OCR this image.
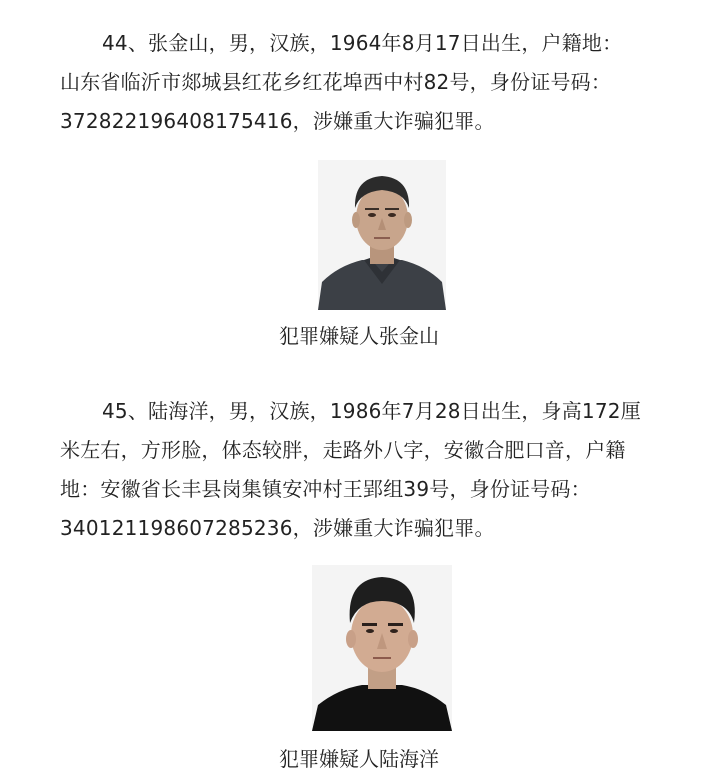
44、张金山，男，汉族，1964年8月17日出生，户籍地：
山东省临沂市郯城县红花乡红花埠西中村82号，身份证号码：
372822196408175416，涉嫌重大诈骗犯罪。
犯罪嫌疑人张金山
45、陆海洋，男，汉族，1986年7月28日出生，身高172厘
米左右，方形脸，体态较胖，走路外八字，安徽合肥口音，户籍
地：安徽省长丰县岗集镇安冲村王郢组39号，身份证号码：
340121198607285236，涉嫌重大诈骗犯罪。
犯罪嫌疑人陆海洋
